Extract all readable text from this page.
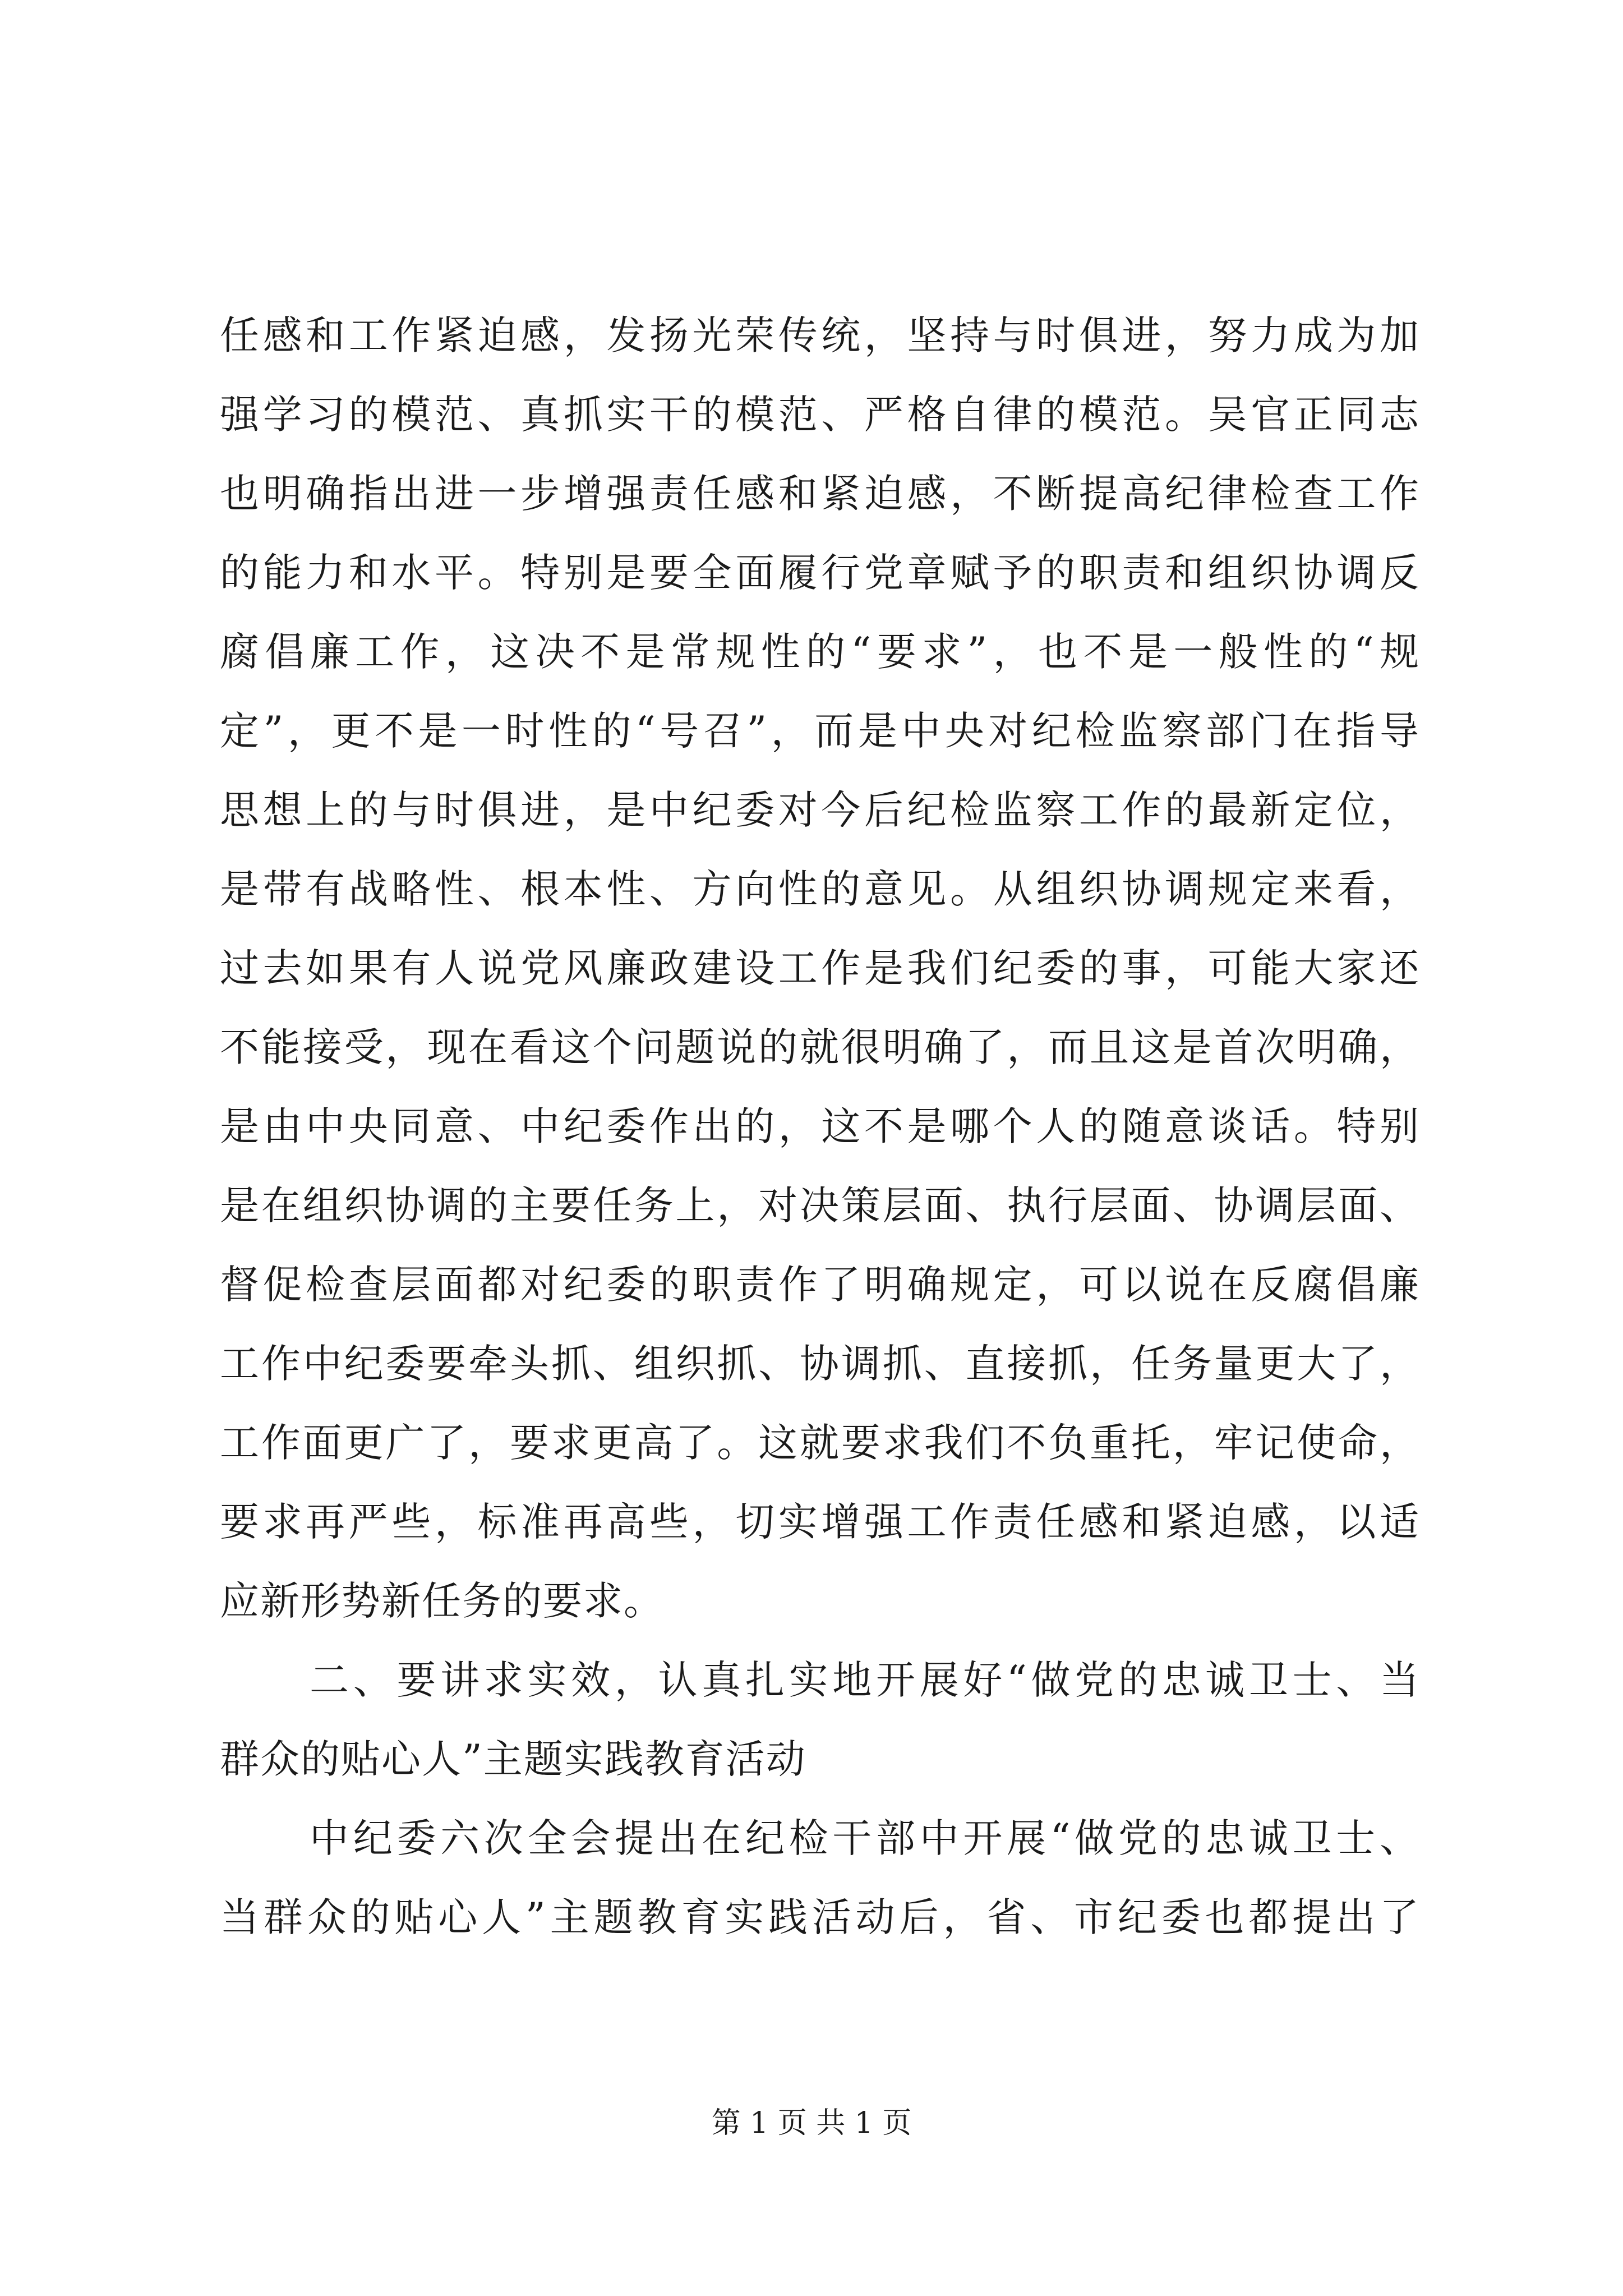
任感和工作紧迫感，发扬光荣传统，坚持与时俱进，努力成为加
强学习的模范、真抓实干的模范、严格自律的模范。吴官正同志
也明确指出进一步增强责任感和紧迫感，不断提高纪律检查工作
的能力和水平。特别是要全面履行党章赋予的职责和组织协调反
腐倡廉工作，这决不是常规性的“要求”，也不是一般性的“规
定”，更不是一时性的“号召”，而是中央对纪检监察部门在指导
思想上的与时俱进，是中纪委对今后纪检监察工作的最新定位，
是带有战略性、根本性、方向性的意见。从组织协调规定来看，
过去如果有人说党风廉政建设工作是我们纪委的事，可能大家还
不能接受，现在看这个问题说的就很明确了，而且这是首次明确，
是由中央同意、中纪委作出的，这不是哪个人的随意谈话。特别
是在组织协调的主要任务上，对决策层面、执行层面、协调层面、
督促检查层面都对纪委的职责作了明确规定，可以说在反腐倡廉
工作中纪委要牵头抓、组织抓、协调抓、直接抓，任务量更大了，
工作面更广了，要求更高了。这就要求我们不负重托，牢记使命，
要求再严些，标准再高些，切实增强工作责任感和紧迫感，以适
应新形势新任务的要求。
二、要讲求实效，认真扎实地开展好“做党的忠诚卫士、当
群众的贴心人”主题实践教育活动
中纪委六次全会提出在纪检干部中开展“做党的忠诚卫士、
当群众的贴心人”主题教育实践活动后，省、市纪委也都提出了
第 1 页 共 1 页
